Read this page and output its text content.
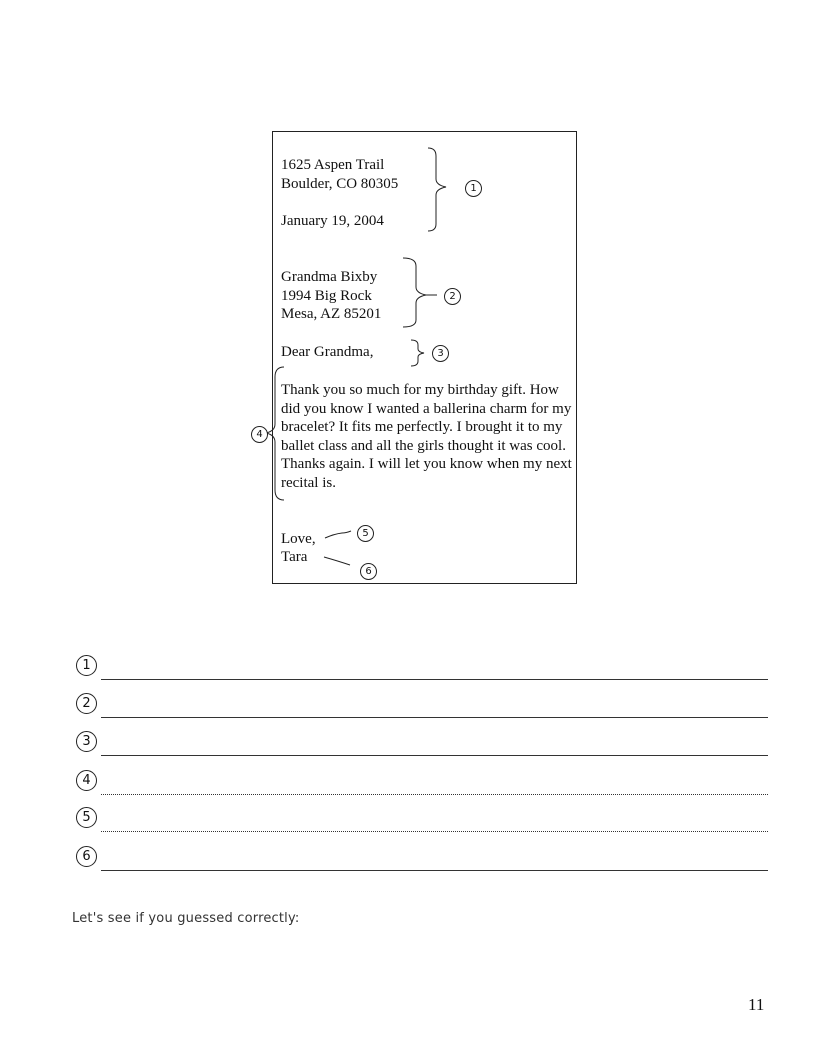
1625 Aspen Trail
Boulder, CO 80305
January 19, 2004
Grandma Bixby
1994 Big Rock
Mesa, AZ 85201
Dear Grandma,
Thank you so much for my birthday gift. How did you know I wanted a ballerina charm for my bracelet? It fits me perfectly. I brought it to my ballet class and all the girls thought it was cool. Thanks again. I will let you know when my next recital is.
Love,
Tara
1
2
3
4
5
6
1
2
3
4
5
6
Let's see if you guessed correctly:
11
